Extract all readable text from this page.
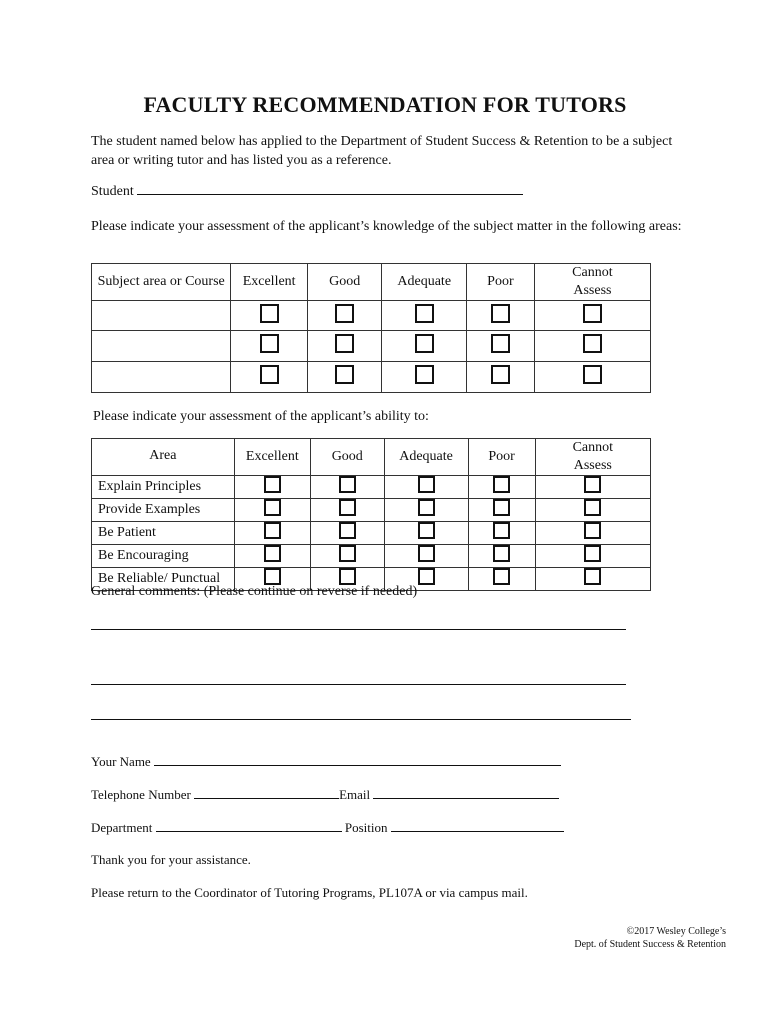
FACULTY RECOMMENDATION FOR TUTORS
The student named below has applied to the Department of Student Success & Retention to be a subject area or writing tutor and has listed you as a reference.
Student
Please indicate your assessment of the applicant’s knowledge of the subject matter in the following areas:
Subject area or Course	Excellent	Good	Adequate	Poor	Cannot Assess

Please indicate your assessment of the applicant’s ability to:
Area	Excellent	Good	Adequate	Poor	Cannot Assess
Explain Principles					
Provide Examples					
Be Patient					
Be Encouraging					
Be Reliable/ Punctual					
General comments: (Please continue on reverse if needed)
Your Name
Telephone Number	Email
Department	Position
Thank you for your assistance.
Please return to the Coordinator of Tutoring Programs, PL107A or via campus mail.
©2017 Wesley College’s
Dept. of Student Success & Retention
